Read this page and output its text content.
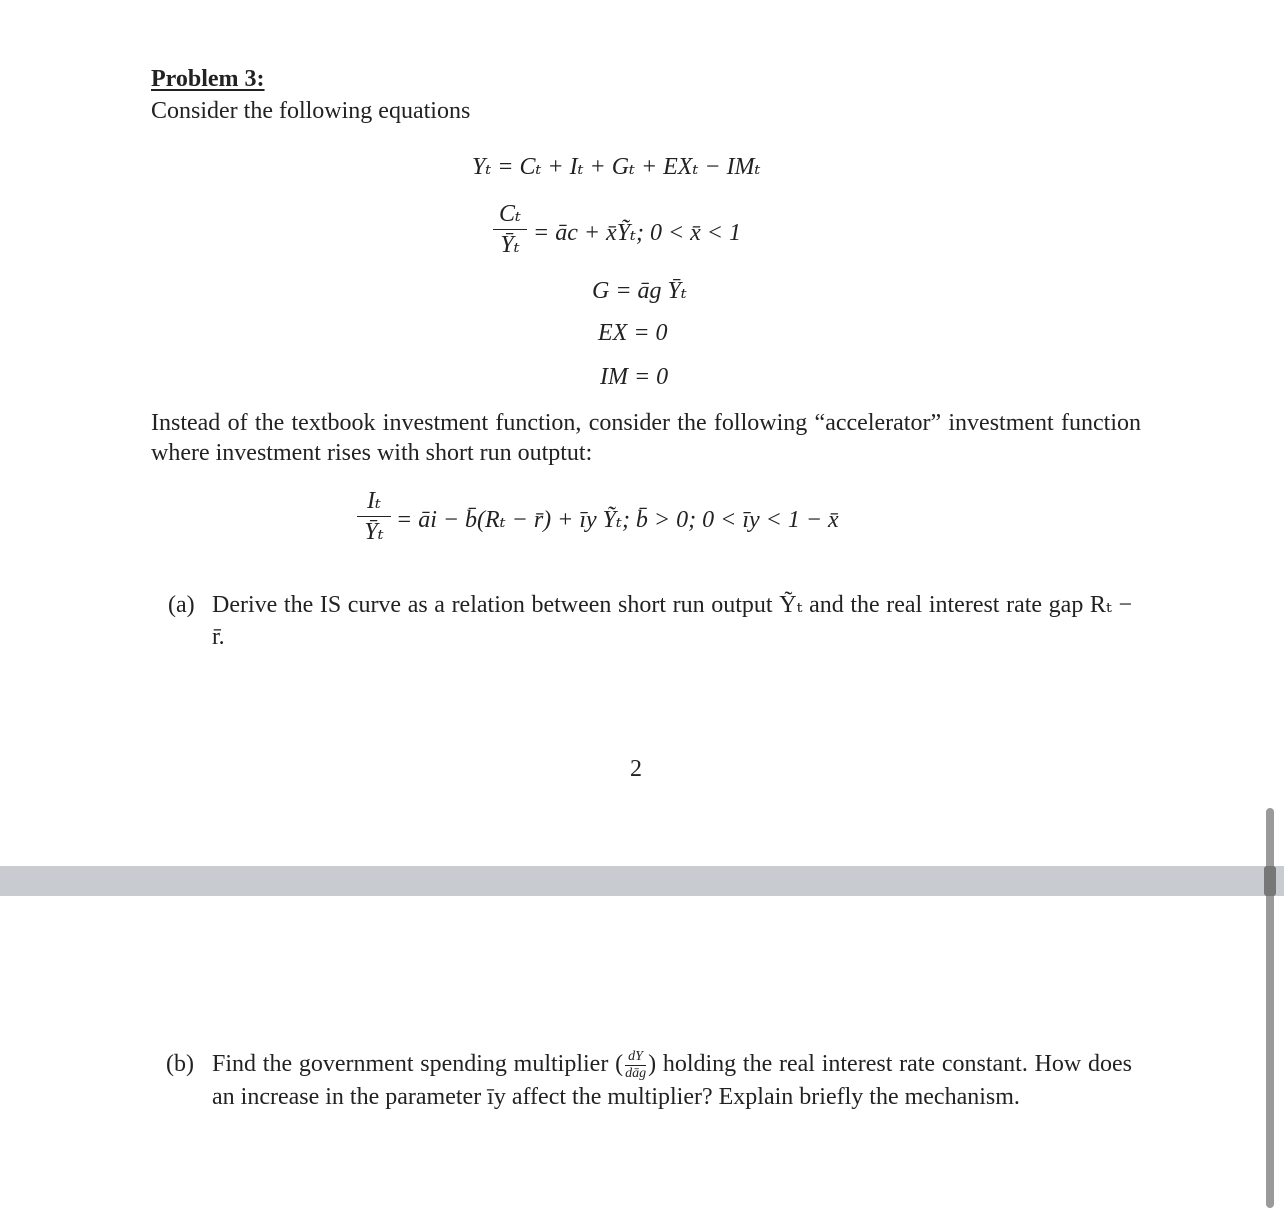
Problem 3:
Consider the following equations
Yₜ = Cₜ + Iₜ + Gₜ + EXₜ − IMₜ
Cₜ
Ȳₜ = āc + x̄Ỹₜ; 0 < x̄ < 1
G = āg Ȳₜ
EX = 0
IM = 0
Instead of the textbook investment function, consider the following “accelerator” investment function where investment rises with short run outptut:
Iₜ
Ȳₜ = āi − b̄(Rₜ − r̄) + īy Ỹₜ; b̄ > 0; 0 < īy < 1 − x̄
(a) Derive the IS curve as a relation between short run output Ỹₜ and the real interest rate gap Rₜ − r̄.
2
(b) Find the government spending multiplier ( $\frac{dY}{\text{dāg}}$) holding the real interest rate constant. How does an increase in the parameter īy affect the multiplier? Explain briefly the mechanism.
